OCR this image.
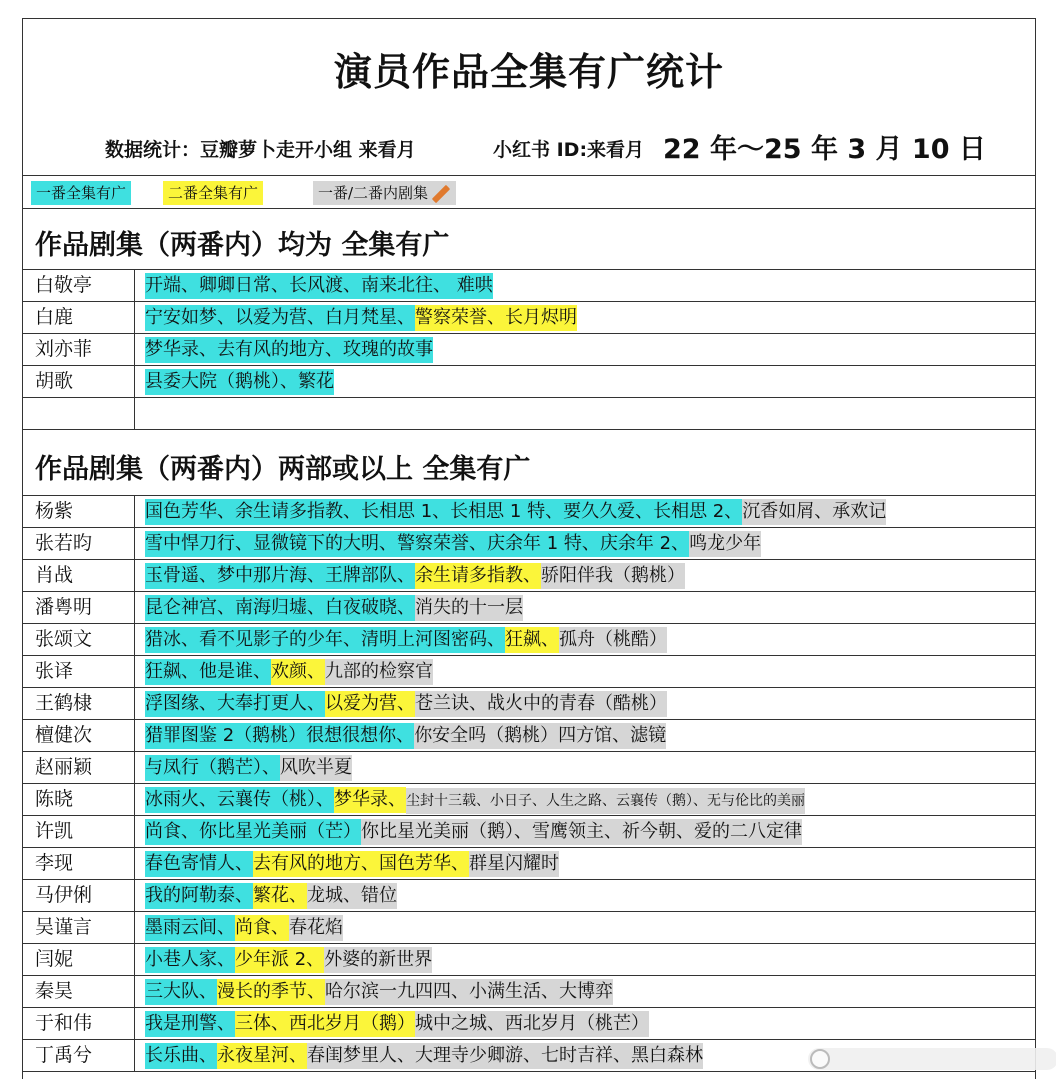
演员作品全集有广统计
数据统计：豆瓣萝卜走开小组 来看月	小红书 ID:来看月 22 年～25 年 3 月 10 日
一番全集有广	二番全集有广	一番/二番内剧集
作品剧集（两番内）均为 全集有广
白敬亭	开端、卿卿日常、长风渡、南来北往、 难哄
白鹿	宁安如梦、以爱为营、白月梵星、警察荣誉、长月烬明
刘亦菲	梦华录、去有风的地方、玫瑰的故事
胡歌	县委大院（鹅桃）、繁花
作品剧集（两番内）两部或以上 全集有广
杨紫	国色芳华、余生请多指教、长相思 1、长相思 1 特、要久久爱、长相思 2、沉香如屑、承欢记
张若昀	雪中悍刀行、显微镜下的大明、警察荣誉、庆余年 1 特、庆余年 2、鸣龙少年
肖战	玉骨遥、梦中那片海、王牌部队、余生请多指教、骄阳伴我（鹅桃）
潘粤明	昆仑神宫、南海归墟、白夜破晓、消失的十一层
张颂文	猎冰、看不见影子的少年、清明上河图密码、狂飙、孤舟（桃酷）
张译	狂飙、他是谁、欢颜、九部的检察官
王鹤棣	浮图缘、大奉打更人、以爱为营、苍兰诀、战火中的青春（酷桃）
檀健次	猎罪图鉴 2（鹅桃）很想很想你、你安全吗（鹅桃）四方馆、滤镜
赵丽颖	与凤行（鹅芒）、风吹半夏
陈晓	冰雨火、云襄传（桃）、梦华录、尘封十三载、小日子、人生之路、云襄传（鹅）、无与伦比的美丽
许凯	尚食、你比星光美丽（芒）你比星光美丽（鹅）、雪鹰领主、祈今朝、爱的二八定律
李现	春色寄情人、去有风的地方、国色芳华、群星闪耀时
马伊俐	我的阿勒泰、繁花、龙城、错位
吴谨言	墨雨云间、尚食、春花焰
闫妮	小巷人家、少年派 2、外婆的新世界
秦昊	三大队、漫长的季节、哈尔滨一九四四、小满生活、大博弈
于和伟	我是刑警、三体、西北岁月（鹅）城中之城、西北岁月（桃芒）
丁禹兮	长乐曲、永夜星河、春闺梦里人、大理寺少卿游、七时吉祥、黑白森林
